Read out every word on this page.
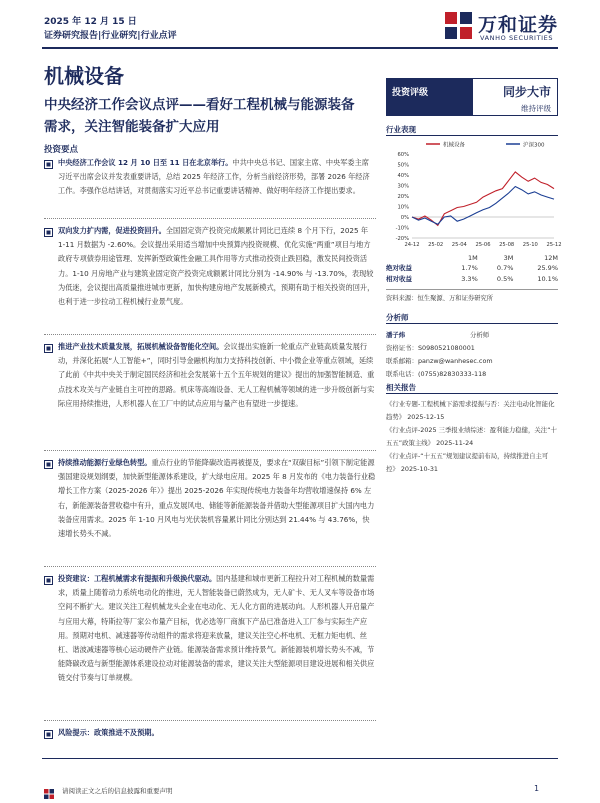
2025 年 12 月 15 日
证券研究报告|行业研究|行业点评	万和证券
VANHO SECURITIES
机械设备
中央经济工作会议点评——看好工程机械与能源装备需求，关注智能装备扩大应用
投资要点
中央经济工作会议 12 月 10 日至 11 日在北京举行。中共中央总书记、国家主席、中央军委主席习近平出席会议并发表重要讲话，总结 2025 年经济工作，分析当前经济形势，部署 2026 年经济工作。李强作总结讲话，对贯彻落实习近平总书记重要讲话精神、做好明年经济工作提出要求。
双向发力扩内需，促进投资回升。全国固定资产投资完成额累计同比已连续 8 个月下行，2025 年 1-11 月数据为 -2.60%。会议提出采用适当增加中央预算内投资规模、优化实施“两重”项目与地方政府专项债券用途管理、发挥新型政策性金融工具作用等方式推动投资止跌回稳，激发民间投资活力。1-10 月房地产业与建筑业固定资产投资完成额累计同比分别为 -14.90% 与 -13.70%，表现较为低迷，会议提出高质量推进城市更新，加快构建房地产发展新模式，预期有助于相关投资的回升，也利于进一步拉动工程机械行业景气度。
推进产业技术质量发展，拓展机械设备智能化空间。会议提出实施新一轮重点产业链高质量发展行动，并深化拓展“人工智能+”，同时引导金融机构加力支持科技创新、中小微企业等重点领域，延续了此前《中共中央关于制定国民经济和社会发展第十五个五年规划的建议》提出的加强智能制造、重点技术攻关与产业链自主可控的思路。机床等高端设备、无人工程机械等领域的进一步升级创新与实际应用持续推进，人形机器人在工厂中的试点应用与量产也有望进一步提速。
持续推动能源行业绿色转型。重点行业的节能降碳改造再被提及，要求在“双碳目标”引领下制定能源强国建设规划纲要，加快新型能源体系建设，扩大绿电应用。2025 年 8 月发布的《电力装备行业稳增长工作方案（2025-2026 年）》提出 2025-2026 年实现传统电力装备年均营收增速保持 6% 左右，新能源装备营收稳中有升，重点发展风电、储能等新能源装备并借助大型能源项目扩大国内电力装备应用需求。2025 年 1-10 月风电与光伏装机容量累计同比分别达到 21.44% 与 43.76%，快速增长势头不减。
投资建议：工程机械需求有提振和升级换代驱动。国内基建和城市更新工程拉升对工程机械的数量需求，质量上随着动力系统电动化的推进，无人智能装备已蔚然成为，无人矿卡、无人叉车等设备市场空间不断扩大。建议关注工程机械龙头企业在电动化、无人化方面的进展动向。人形机器人开启量产与应用大幕，特斯拉等厂家公布量产目标，优必选等厂商旗下产品已准备进入工厂参与实际生产应用。预期对电机、减速器等传动组件的需求将迎来放量，建议关注空心杯电机、无框力矩电机、丝杠、谐波减速器等核心运动硬件产业链。能源装备需求预计维持景气。新能源装机增长势头不减，节能降碳改造与新型能源体系建设拉动对能源装备的需求，建议关注大型能源项目建设进展和相关供应链交付节奏与订单规模。
风险提示：政策推进不及预期。
投资评级	同步大市
维持评级
行业表现
机械设备	沪深300
60%
50%
40%
30%
20%
10%
0%
-10%
-20%
24-12 25-02 25-04 25-06 25-08 25-10 25-12
	1M	3M	12M
绝对收益	1.7%	0.7%	25.9%
相对收益	3.3%	0.5%	10.1%
资料来源：恒生聚源、万和证券研究所
分析师
潘子炜	分析师
资格证书：S0980521080001
联系邮箱：panzw@wanhesec.com
联系电话：(0755)82830333-118
相关报告
《行业专题-工程机械下游需求提振与否：关注电动化智能化趋势》 2025-12-15
《行业点评-2025 三季报业绩综述：盈利能力稳健，关注“十五五”政策主线》 2025-11-24
《行业点评-“十五五”规划建议提前布局，持续推进自主可控》 2025-10-31
请阅读正文之后的信息披露和重要声明	1
